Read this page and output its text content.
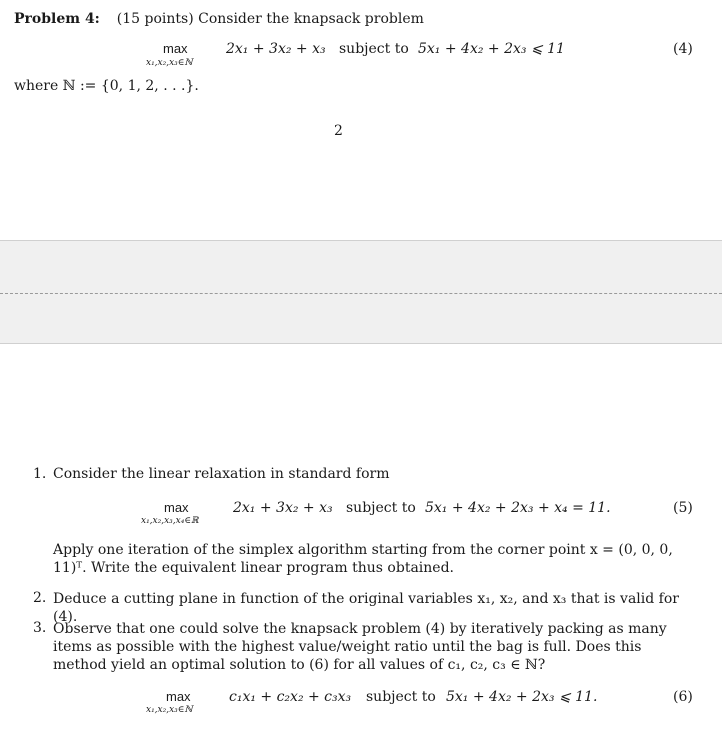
Problem 4: (15 points) Consider the knapsack problem
max
x₁,x₂,x₃∈ℕ
2x₁ + 3x₂ + x₃ subject to 5x₁ + 4x₂ + 2x₃ ⩽ 11	(4)
where ℕ := {0, 1, 2, . . .}.
2
1. Consider the linear relaxation in standard form
max
x₁,x₂,x₃,x₄∈ℝ
2x₁ + 3x₂ + x₃ subject to 5x₁ + 4x₂ + 2x₃ + x₄ = 11.	(5)
Apply one iteration of the simplex algorithm starting from the corner point x = (0, 0, 0, 11)ᵀ. Write the equivalent linear program thus obtained.
2. Deduce a cutting plane in function of the original variables x₁, x₂, and x₃ that is valid for (4).
3. Observe that one could solve the knapsack problem (4) by iteratively packing as many items as possible with the highest value/weight ratio until the bag is full. Does this method yield an optimal solution to (6) for all values of c₁, c₂, c₃ ∈ ℕ?
max
x₁,x₂,x₃∈ℕ
c₁x₁ + c₂x₂ + c₃x₃ subject to 5x₁ + 4x₂ + 2x₃ ⩽ 11.	(6)
